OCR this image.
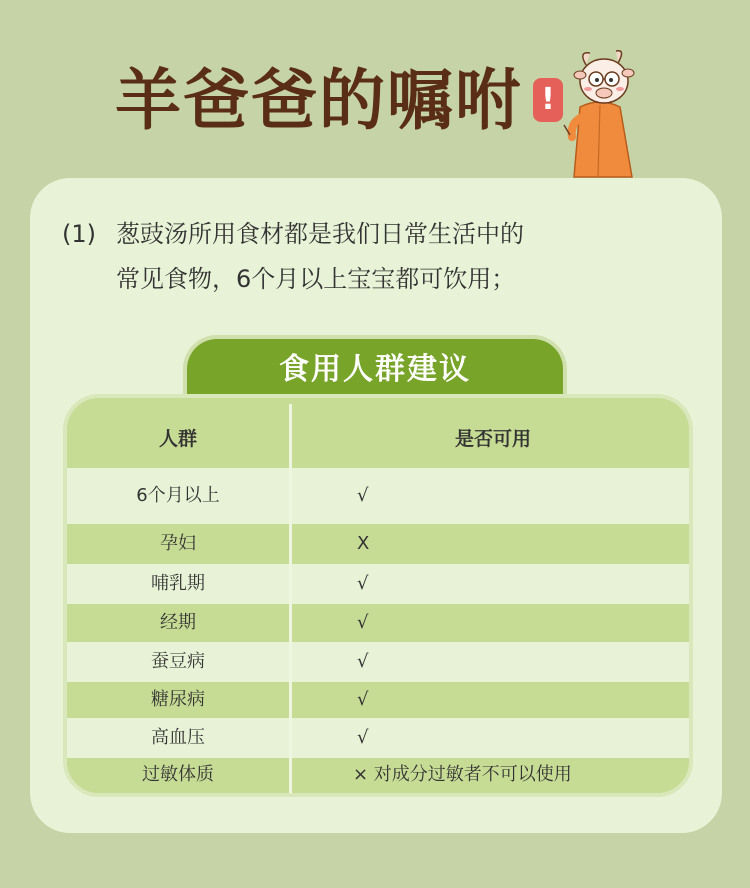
羊爸爸的嘱咐 !
(1) 葱豉汤所用食材都是我们日常生活中的
常见食物，6个月以上宝宝都可饮用；
食用人群建议
人群	是否可用
6个月以上	√
孕妇	X
哺乳期	√
经期	√
蚕豆病	√
糖尿病	√
高血压	√
过敏体质	× 对成分过敏者不可以使用
